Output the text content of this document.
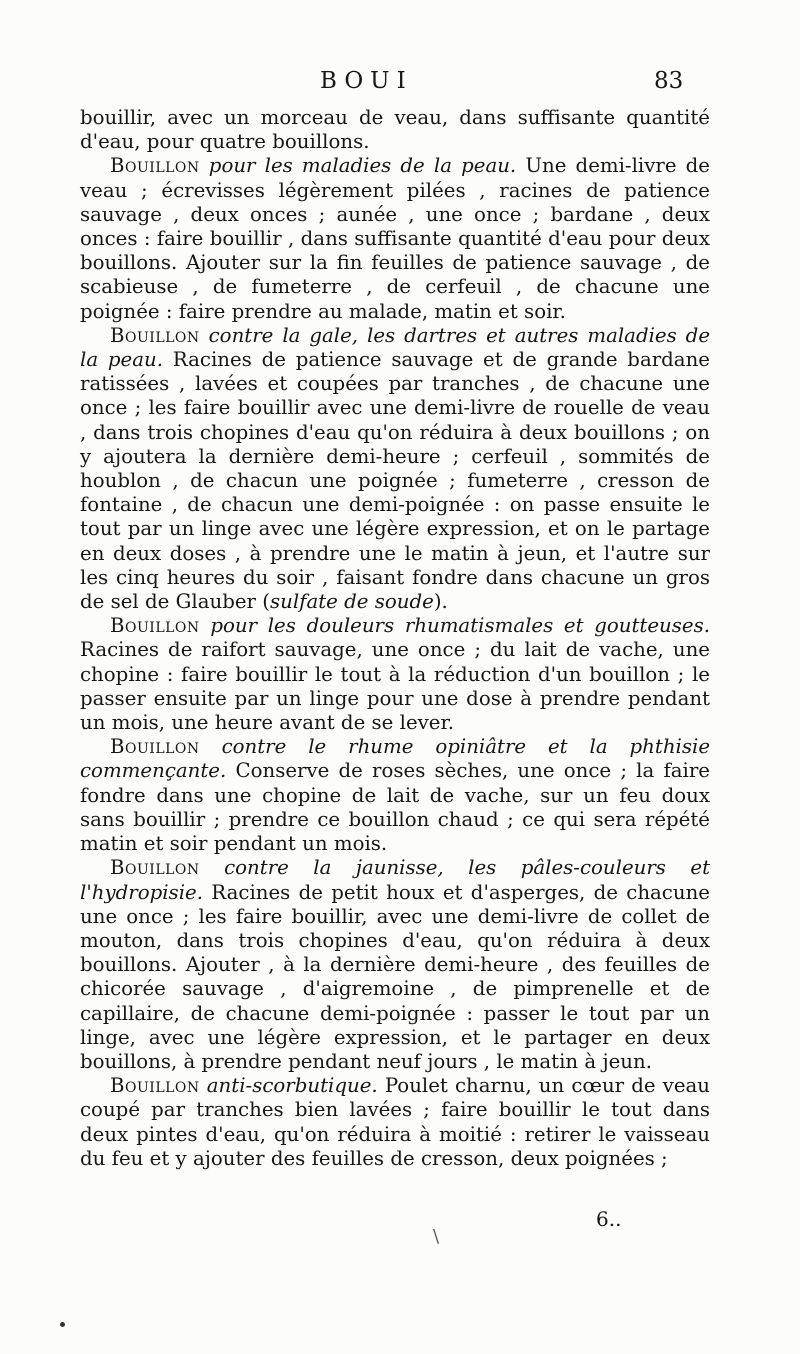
BOUI	83

bouillir, avec un morceau de veau, dans suffisante quantité d'eau, pour quatre bouillons.

Bouillon pour les maladies de la peau. Une demi-livre de veau ; écrevisses légèrement pilées , racines de patience sauvage , deux onces ; aunée , une once ; bardane , deux onces : faire bouillir , dans suffisante quantité d'eau pour deux bouillons. Ajouter sur la fin feuilles de patience sauvage , de scabieuse , de fumeterre , de cerfeuil , de chacune une poignée : faire prendre au malade, matin et soir.

Bouillon contre la gale, les dartres et autres maladies de la peau. Racines de patience sauvage et de grande bardane ratissées , lavées et coupées par tranches , de chacune une once ; les faire bouillir avec une demi-livre de rouelle de veau , dans trois chopines d'eau qu'on réduira à deux bouillons ; on y ajoutera la dernière demi-heure ; cerfeuil , sommités de houblon , de chacun une poignée ; fumeterre , cresson de fontaine , de chacun une demi-poignée : on passe ensuite le tout par un linge avec une légère expression, et on le partage en deux doses , à prendre une le matin à jeun, et l'autre sur les cinq heures du soir , faisant fondre dans chacune un gros de sel de Glauber (sulfate de soude).

Bouillon pour les douleurs rhumatismales et goutteuses. Racines de raifort sauvage, une once ; du lait de vache, une chopine : faire bouillir le tout à la réduction d'un bouillon ; le passer ensuite par un linge pour une dose à prendre pendant un mois, une heure avant de se lever.

Bouillon contre le rhume opiniâtre et la phthisie commençante. Conserve de roses sèches, une once ; la faire fondre dans une chopine de lait de vache, sur un feu doux sans bouillir ; prendre ce bouillon chaud ; ce qui sera répété matin et soir pendant un mois.

Bouillon contre la jaunisse, les pâles-couleurs et l'hydropisie. Racines de petit houx et d'asperges, de chacune une once ; les faire bouillir, avec une demi-livre de collet de mouton, dans trois chopines d'eau, qu'on réduira à deux bouillons. Ajouter , à la dernière demi-heure , des feuilles de chicorée sauvage , d'aigremoine , de pimprenelle et de capillaire, de chacune demi-poignée : passer le tout par un linge, avec une légère expression, et le partager en deux bouillons, à prendre pendant neuf jours , le matin à jeun.

Bouillon anti-scorbutique. Poulet charnu, un cœur de veau coupé par tranches bien lavées ; faire bouillir le tout dans deux pintes d'eau, qu'on réduira à moitié : retirer le vaisseau du feu et y ajouter des feuilles de cresson, deux poignées ;

6..
\
